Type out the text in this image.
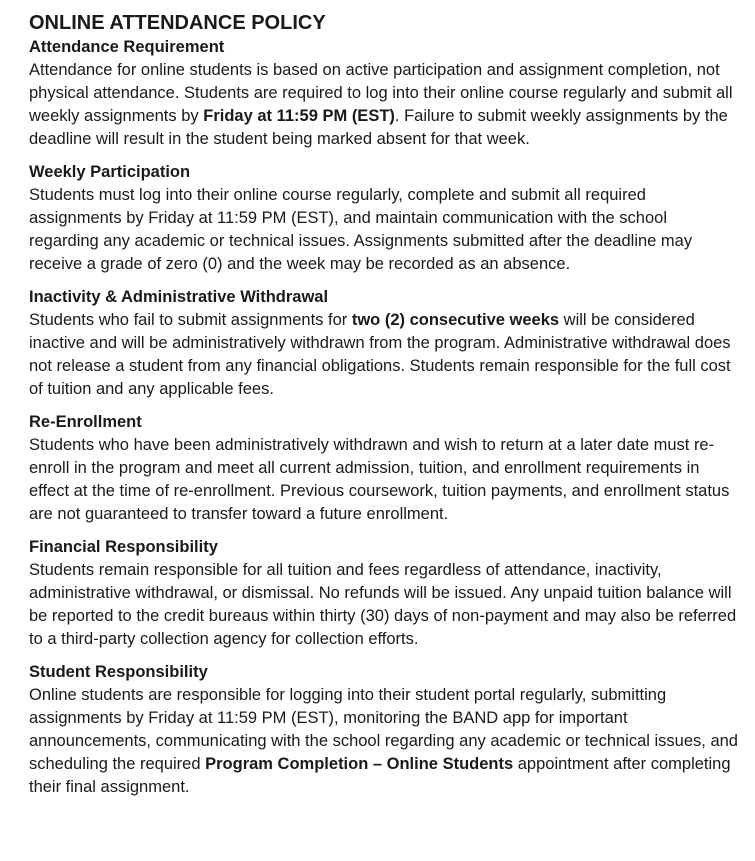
ONLINE ATTENDANCE POLICY
Attendance Requirement

Attendance for online students is based on active participation and assignment completion, not physical attendance. Students are required to log into their online course regularly and submit all weekly assignments by Friday at 11:59 PM (EST). Failure to submit weekly assignments by the deadline will result in the student being marked absent for that week.

Weekly Participation

Students must log into their online course regularly, complete and submit all required assignments by Friday at 11:59 PM (EST), and maintain communication with the school regarding any academic or technical issues. Assignments submitted after the deadline may receive a grade of zero (0) and the week may be recorded as an absence.

Inactivity & Administrative Withdrawal

Students who fail to submit assignments for two (2) consecutive weeks will be considered inactive and will be administratively withdrawn from the program. Administrative withdrawal does not release a student from any financial obligations. Students remain responsible for the full cost of tuition and any applicable fees.

Re-Enrollment

Students who have been administratively withdrawn and wish to return at a later date must re-enroll in the program and meet all current admission, tuition, and enrollment requirements in effect at the time of re-enrollment. Previous coursework, tuition payments, and enrollment status are not guaranteed to transfer toward a future enrollment.

Financial Responsibility

Students remain responsible for all tuition and fees regardless of attendance, inactivity, administrative withdrawal, or dismissal. No refunds will be issued. Any unpaid tuition balance will be reported to the credit bureaus within thirty (30) days of non-payment and may also be referred to a third-party collection agency for collection efforts.

Student Responsibility

Online students are responsible for logging into their student portal regularly, submitting assignments by Friday at 11:59 PM (EST), monitoring the BAND app for important announcements, communicating with the school regarding any academic or technical issues, and scheduling the required Program Completion – Online Students appointment after completing their final assignment.
